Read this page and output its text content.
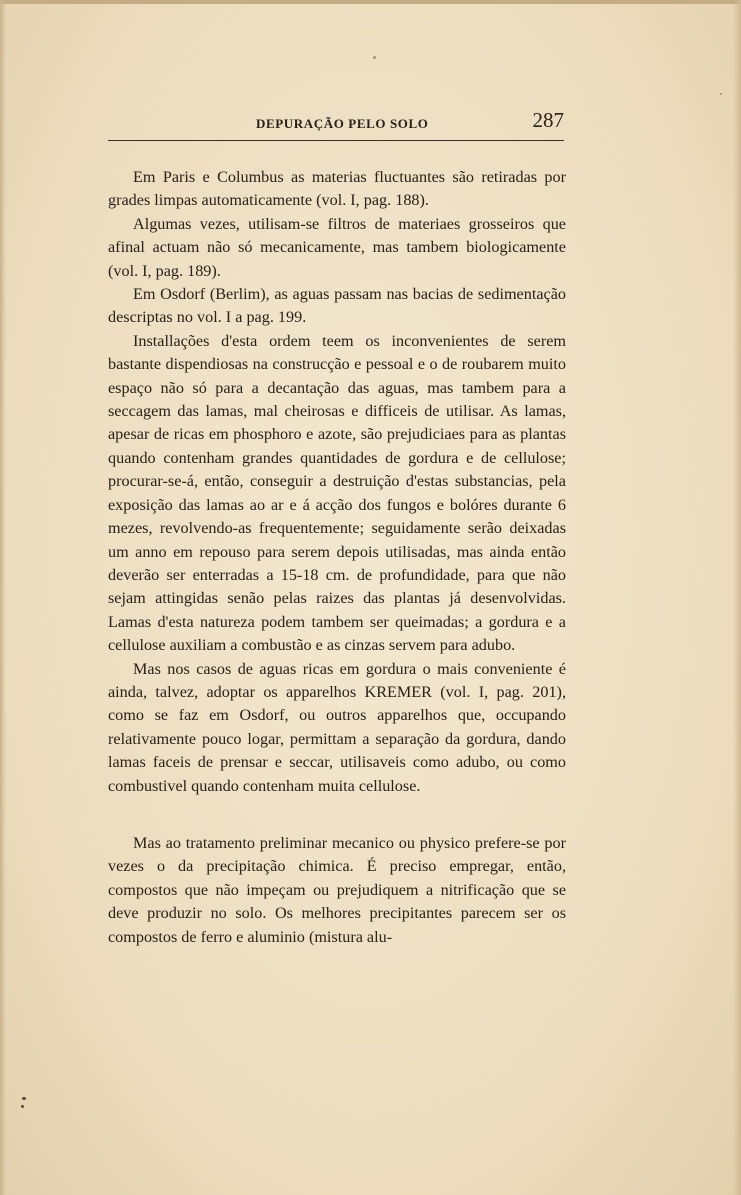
DEPURAÇÃO PELO SOLO	287

Em Paris e Columbus as materias fluctuantes são retiradas por grades limpas automaticamente (vol. I, pag. 188).

Algumas vezes, utilisam-se filtros de materiaes grosseiros que afinal actuam não só mecanicamente, mas tambem biologicamente (vol. I, pag. 189).

Em Osdorf (Berlim), as aguas passam nas bacias de sedimentação descriptas no vol. I a pag. 199.

Installações d'esta ordem teem os inconvenientes de serem bastante dispendiosas na construcção e pessoal e o de roubarem muito espaço não só para a decantação das aguas, mas tambem para a seccagem das lamas, mal cheirosas e difficeis de utilisar. As lamas, apesar de ricas em phosphoro e azote, são prejudiciaes para as plantas quando contenham grandes quantidades de gordura e de cellulose; procurar-se-á, então, conseguir a destruição d'estas substancias, pela exposição das lamas ao ar e á acção dos fungos e bolóres durante 6 mezes, revolvendo-as frequentemente; seguidamente serão deixadas um anno em repouso para serem depois utilisadas, mas ainda então deverão ser enterradas a 15-18 cm. de profundidade, para que não sejam attingidas senão pelas raizes das plantas já desenvolvidas. Lamas d'esta natureza podem tambem ser queimadas; a gordura e a cellulose auxiliam a combustão e as cinzas servem para adubo.

Mas nos casos de aguas ricas em gordura o mais conveniente é ainda, talvez, adoptar os apparelhos KREMER (vol. I, pag. 201), como se faz em Osdorf, ou outros apparelhos que, occupando relativamente pouco logar, permittam a separação da gordura, dando lamas faceis de prensar e seccar, utilisaveis como adubo, ou como combustivel quando contenham muita cellulose.

Mas ao tratamento preliminar mecanico ou physico prefere-se por vezes o da precipitação chimica. É preciso empregar, então, compostos que não impeçam ou prejudiquem a nitrificação que se deve produzir no solo. Os melhores precipitantes parecem ser os compostos de ferro e aluminio (mistura alu-
